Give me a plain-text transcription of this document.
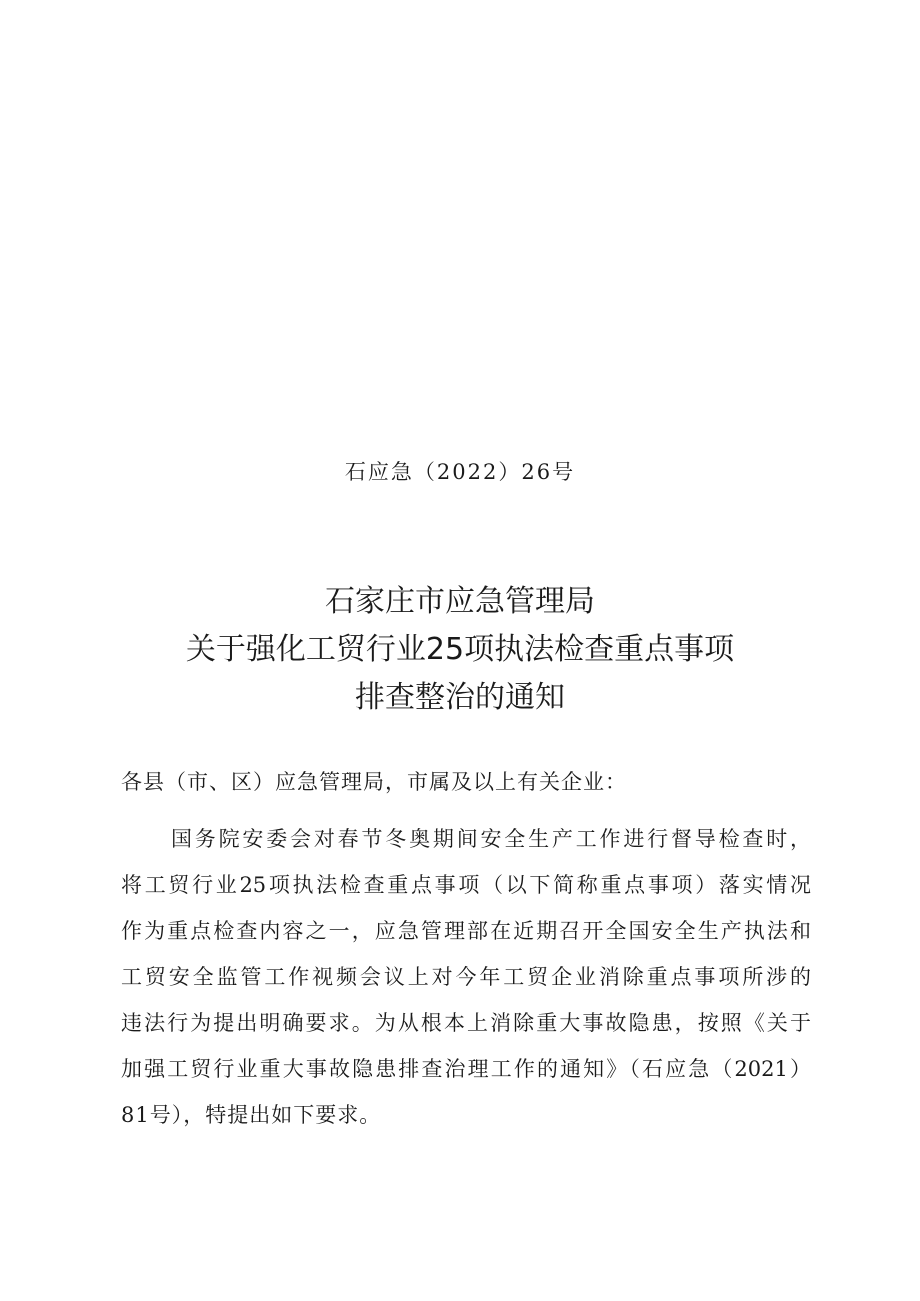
石应急（2022）26号
石家庄市应急管理局
关于强化工贸行业25项执法检查重点事项
排查整治的通知
各县（市、区）应急管理局，市属及以上有关企业：
国务院安委会对春节冬奥期间安全生产工作进行督导检查时，
将工贸行业25项执法检查重点事项（以下简称重点事项）落实情况
作为重点检查内容之一，应急管理部在近期召开全国安全生产执法和
工贸安全监管工作视频会议上对今年工贸企业消除重点事项所涉的
违法行为提出明确要求。为从根本上消除重大事故隐患，按照《关于
加强工贸行业重大事故隐患排查治理工作的通知》（石应急（2021）
81号），特提出如下要求。
